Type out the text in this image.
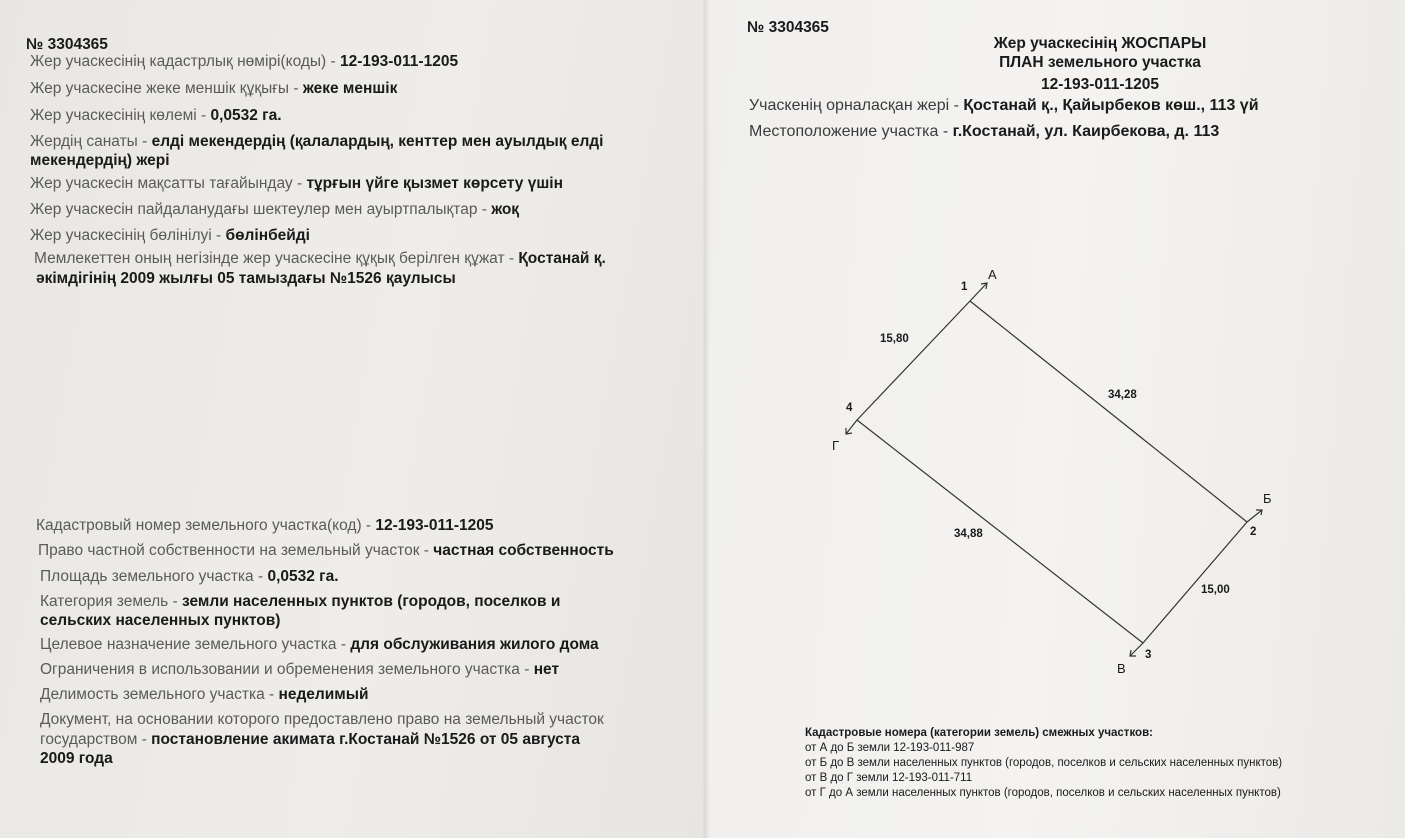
№ 3304365
Жер учаскесінің кадастрлық нөмірі(коды) - 12-193-011-1205
Жер учаскесіне жеке меншік құқығы - жеке меншік
Жер учаскесінің көлемі - 0,0532 га.
Жердің санаты - елді мекендердің (қалалардың, кенттер мен ауылдық елді
мекендердің) жері
Жер учаскесін мақсатты тағайындау - тұрғын үйге қызмет көрсету үшін
Жер учаскесін пайдаланудағы шектеулер мен ауыртпалықтар - жоқ
Жер учаскесінің бөлінілуі - бөлінбейді
Мемлекеттен оның негізінде жер учаскесіне құқық берілген құжат - Қостанай қ.
әкімдігінің 2009 жылғы 05 тамыздағы №1526 қаулысы
Кадастровый номер земельного участка(код) - 12-193-011-1205
Право частной собственности на земельный участок - частная собственность
Площадь земельного участка - 0,0532 га.
Категория земель - земли населенных пунктов (городов, поселков и
сельских населенных пунктов)
Целевое назначение земельного участка - для обслуживания жилого дома
Ограничения в использовании и обременения земельного участка - нет
Делимость земельного участка - неделимый
Документ, на основании которого предоставлено право на земельный участок
государством - постановление акимата г.Костанай №1526 от 05 августа
2009 года
№ 3304365
Жер учаскесінің ЖОСПАРЫ
ПЛАН земельного участка
12-193-011-1205
Учаскенің орналасқан жері - Қостанай қ., Қайырбеков көш., 113 үй
Местоположение участка - г.Костанай, ул. Каирбекова, д. 113
1
2
3
4
А
Б
В
Г
15,80
34,28
15,00
34,88
Кадастровые номера (категории земель) смежных участков:
от А до Б земли 12-193-011-987
от Б до В земли населенных пунктов (городов, поселков и сельских населенных пунктов)
от В до Г земли 12-193-011-711
от Г до А земли населенных пунктов (городов, поселков и сельских населенных пунктов)
